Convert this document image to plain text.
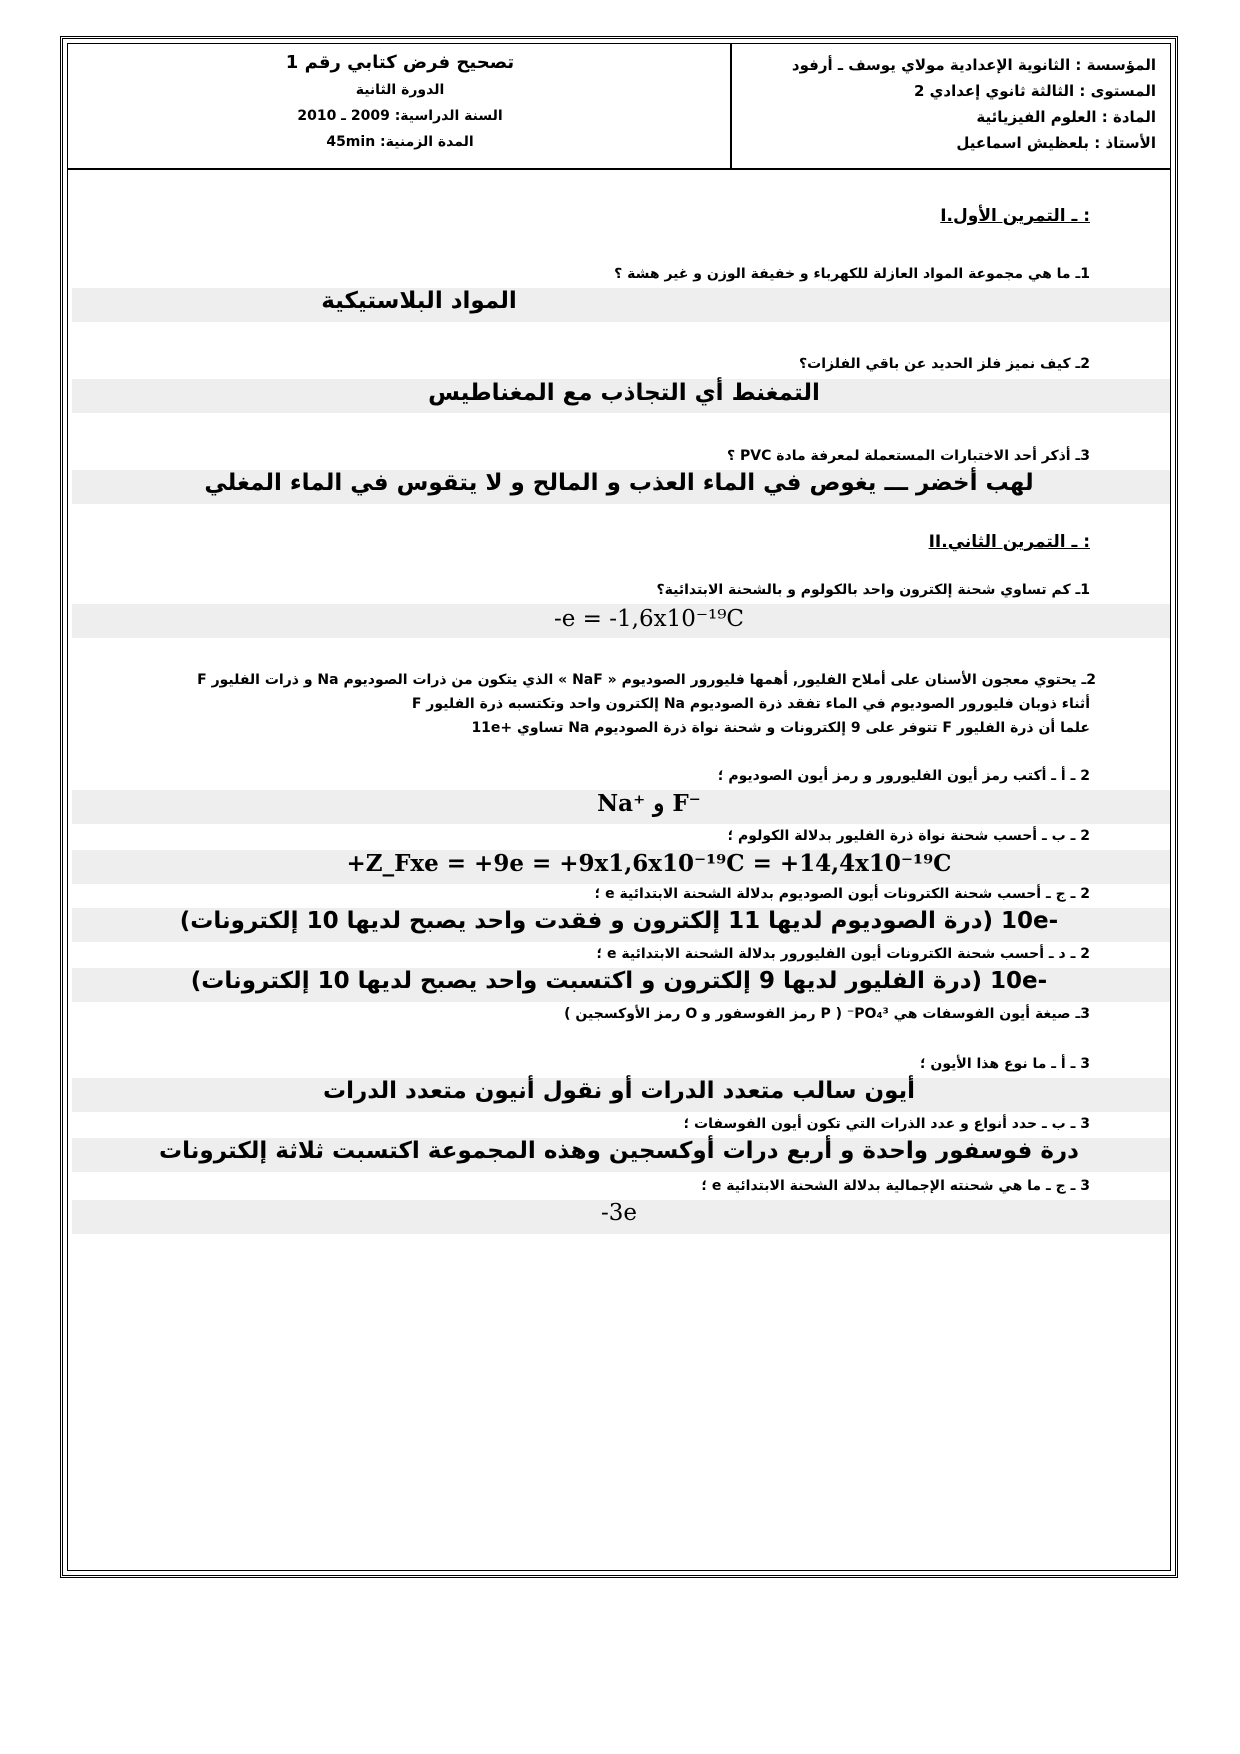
تصحيح فرض كتابي رقم 1
الدورة الثانية
السنة الدراسية: 2009 ـ 2010
المدة الزمنية: 45min
المؤسسة : الثانوية الإعدادية مولاي يوسف ـ أرفود
المستوى : الثالثة ثانوي إعدادي 2
المادة : العلوم الفيزيائية
الأستاذ : بلعظيش اسماعيل
I.ـ التمرين الأول :
1ـ ما هي مجموعة المواد العازلة للكهرباء و خفيفة الوزن و غير هشة ؟
المواد البلاستيكية
2ـ كيف نميز فلز الحديد عن باقي الفلزات؟
التمغنط أي التجاذب مع المغناطيس
3ـ أذكر أحد الاختبارات المستعملة لمعرفة مادة PVC ؟
لهب أخضر ـــ يغوص في الماء العذب و المالح و لا يتقوس في الماء المغلي
II.ـ التمرين الثاني :
1ـ كم تساوي شحنة إلكترون واحد بالكولوم و بالشحنة الابتدائية؟
-e = -1,6x10⁻¹⁹C
2ـ يحتوي معجون الأسنان على أملاح الفليور, أهمها فليورور الصوديوم « NaF » الذي يتكون من ذرات الصوديوم Na و ذرات الفليور F
أثناء ذوبان فليورور الصوديوم في الماء تفقد ذرة الصوديوم Na إلكترون واحد وتكتسبه ذرة الفليور F
علما أن ذرة الفليور F تتوفر على 9 إلكترونات و شحنة نواة ذرة الصوديوم Na تساوي +11e
2 ـ أ ـ أكتب رمز أيون الفليورور و رمز أيون الصوديوم ؛
Na⁺ و F⁻
2 ـ ب ـ أحسب شحنة نواة ذرة الفليور بدلالة الكولوم ؛
+Z_Fxe = +9e = +9x1,6x10⁻¹⁹C = +14,4x10⁻¹⁹C
2 ـ ج ـ أحسب شحنة الكترونات أيون الصوديوم بدلالة الشحنة الابتدائية e ؛
-10e (درة الصوديوم لديها 11 إلكترون و فقدت واحد يصبح لديها 10 إلكترونات)
2 ـ د ـ أحسب شحنة الكترونات أيون الفليورور بدلالة الشحنة الابتدائية e ؛
-10e (درة الفليور لديها 9 إلكترون و اكتسبت واحد يصبح لديها 10 إلكترونات)
3ـ صيغة أيون الفوسفات هي PO₄³⁻ ( P رمز الفوسفور و O رمز الأوكسجين )
3 ـ أ ـ ما نوع هذا الأيون ؛
أيون سالب متعدد الدرات أو نقول أنيون متعدد الدرات
3 ـ ب ـ حدد أنواع و عدد الذرات التي تكون أيون الفوسفات ؛
درة فوسفور واحدة و أربع درات أوكسجين وهذه المجموعة اكتسبت ثلاثة إلكترونات
3 ـ ج ـ ما هي شحنته الإجمالية بدلالة الشحنة الابتدائية e ؛
-3e
